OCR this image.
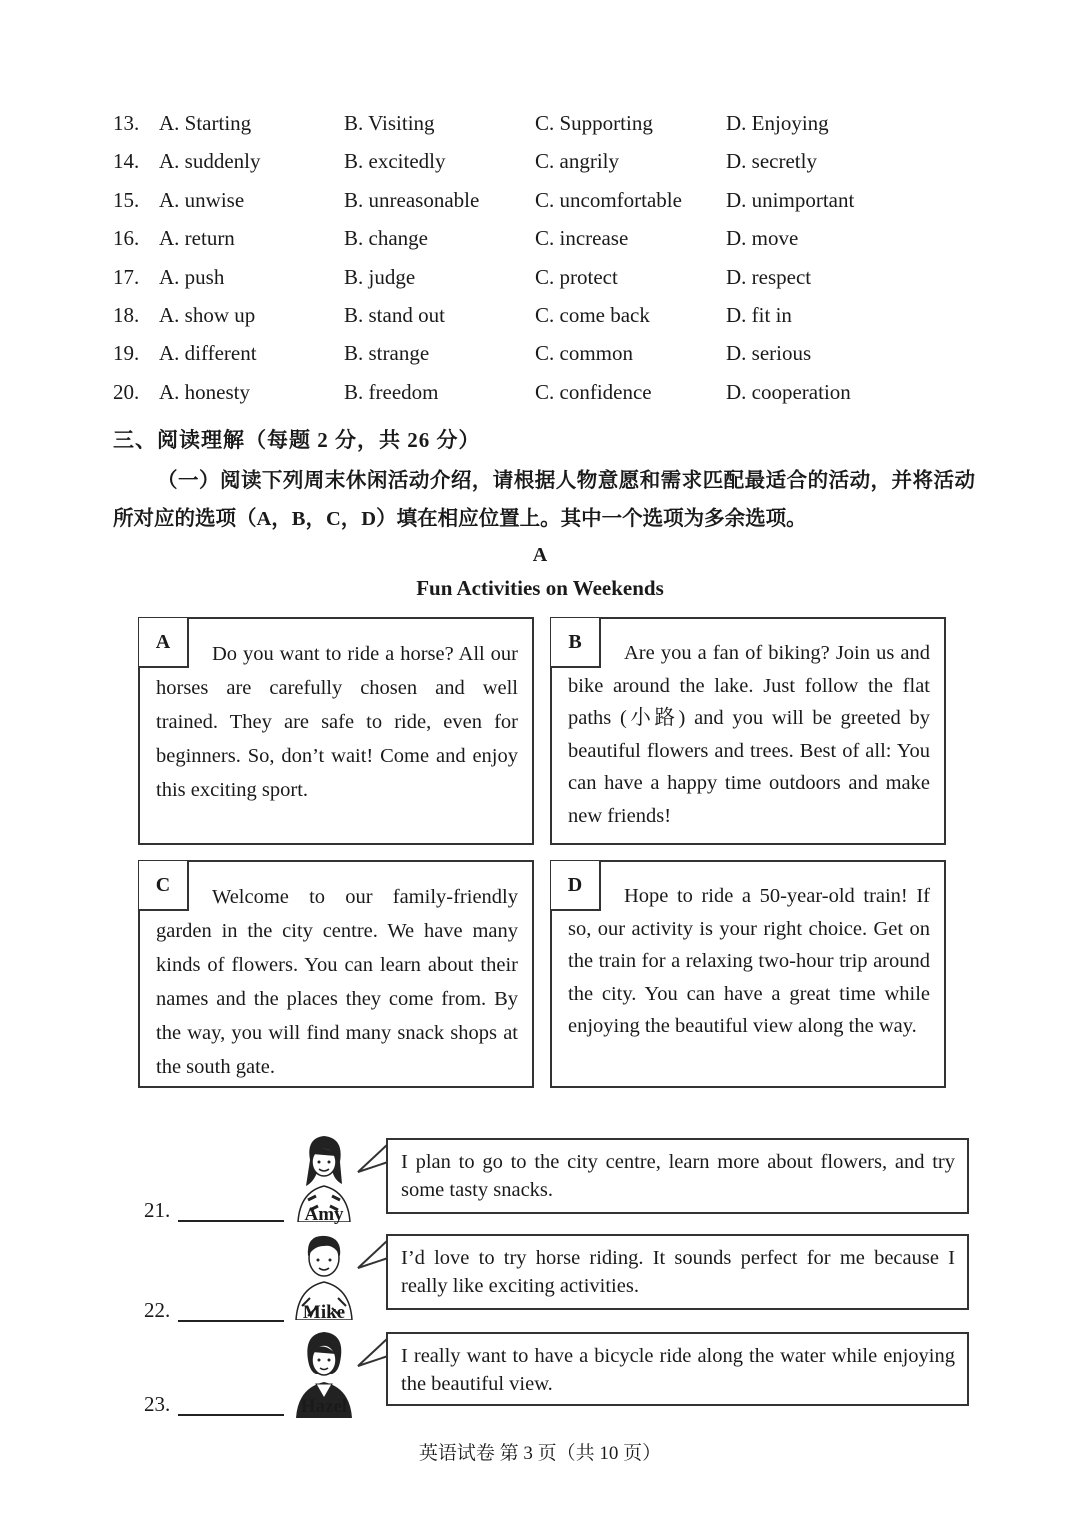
13. A. Starting	B. Visiting	C. Supporting	D. Enjoying
14. A. suddenly	B. excitedly	C. angrily	D. secretly
15. A. unwise	B. unreasonable	C. uncomfortable D. unimportant
16. A. return	B. change	C. increase	D. move
17. A. push	B. judge	C. protect	D. respect
18. A. show up	B. stand out	C. come back	D. fit in
19. A. different	B. strange	C. common	D. serious
20. A. honesty	B. freedom	C. confidence	D. cooperation
三、阅读理解（每题 2 分，共 26 分）
（一）阅读下列周末休闲活动介绍，请根据人物意愿和需求匹配最适合的活动，并将活动所对应的选项（A，B，C，D）填在相应位置上。其中一个选项为多余选项。
A
Fun Activities on Weekends
A
Do you want to ride a horse? All our horses are carefully chosen and well trained. They are safe to ride, even for beginners. So, don’t wait! Come and enjoy this exciting sport.
B
Are you a fan of biking? Join us and bike around the lake. Just follow the flat paths (小路) and you will be greeted by beautiful flowers and trees. Best of all: You can have a happy time outdoors and make new friends!
C
Welcome to our family-friendly garden in the city centre. We have many kinds of flowers. You can learn about their names and the places they come from. By the way, you will find many snack shops at the south gate.
D
Hope to ride a 50-year-old train! If so, our activity is your right choice. Get on the train for a relaxing two-hour trip around the city. You can have a great time while enjoying the beautiful view along the way.
21.	Amy
I plan to go to the city centre, learn more about flowers, and try some tasty snacks.
22.	Mike
I’d love to try horse riding. It sounds perfect for me because I really like exciting activities.
23.	Hazel
I really want to have a bicycle ride along the water while enjoying the beautiful view.
英语试卷 第 3 页（共 10 页）
